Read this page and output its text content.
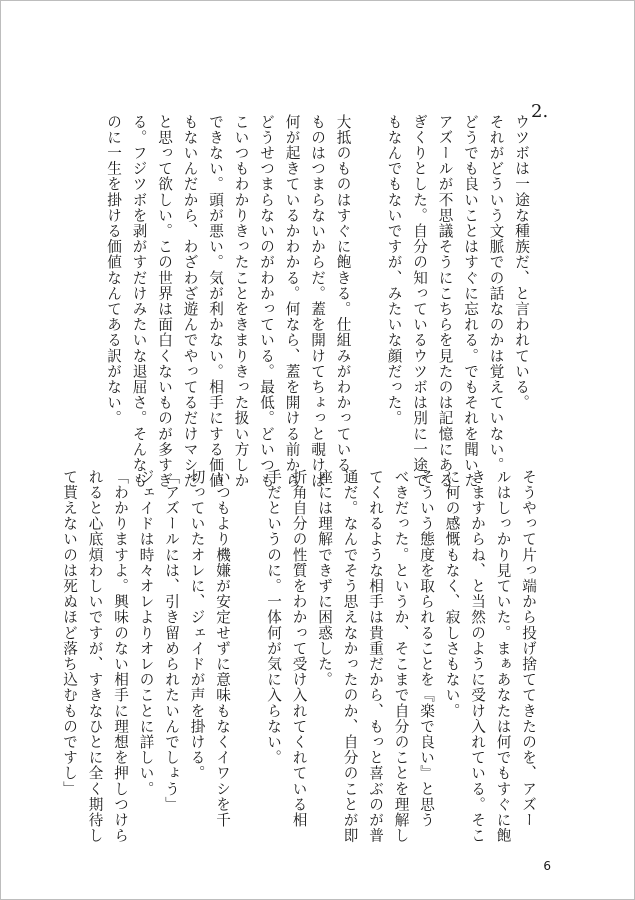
2.

ウツボは一途な種族だ、と言われている。

それがどういう文脈での話なのかは覚えていない。

どうでも良いことはすぐに忘れる。でもそれを聞いた

アズールが不思議そうにこちらを見たのは記憶にある。

ぎくりとした。自分の知っているウツボは別に一途で

もなんでもないですが、みたいな顔だった。

大抵のものはすぐに飽きる。仕組みがわかっている

ものはつまらないからだ。蓋を開けてちょっと覗けば

何が起きているかわかる。何なら、蓋を開ける前から

どうせつまらないのがわかっている。最低。どいつも

こいつもわかりきったことをきまりきった扱い方しか

できない。頭が悪い。気が利かない。相手にする価値

もないんだから、わざわざ遊んでやってるだけマシだ

と思って欲しい。この世界は面白くないものが多すぎ

る。フジツボを剥がすだけみたいな退屈さ。そんなも

のに一生を掛ける価値なんてある訳がない。

そうやって片っ端から投げ捨ててきたのを、アズー

ルはしっかり見ていた。まぁあなたは何でもすぐに飽

きますからね、と当然のように受け入れている。そこ

に何の感慨もなく、寂しさもない。

そういう態度を取られることを『楽で良い』と思う

べきだった。というか、そこまで自分のことを理解し

てくれるような相手は貴重だから、もっと喜ぶのが普

通だ。なんでそう思えなかったのか、自分のことが即

座には理解できずに困惑した。

折角自分の性質をわかって受け入れてくれている相

手だというのに。一体何が気に入らない。

いつもより機嫌が安定せずに意味もなくイワシを千

切っていたオレに、ジェイドが声を掛ける。

「アズールには、引き留められたいんでしょう」

ジェイドは時々オレよりオレのことに詳しい。

「わかりますよ。興味のない相手に理想を押しつけら

れると心底煩わしいですが、すきなひとに全く期待し

て貰えないのは死ぬほど落ち込むものですし」

6
